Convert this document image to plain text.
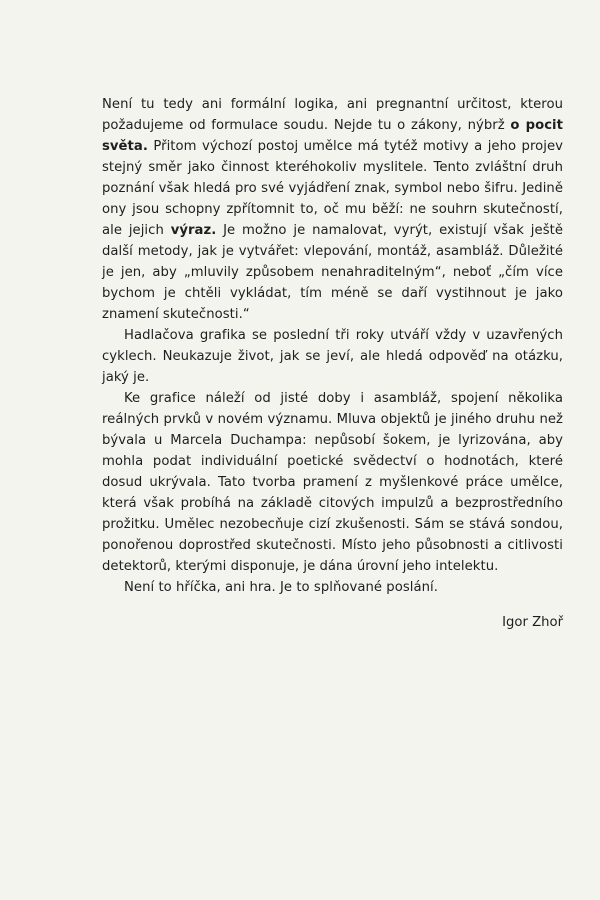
Není tu tedy ani formální logika, ani pregnantní určitost, kterou požadujeme od formulace soudu. Nejde tu o zákony, nýbrž o pocit světa. Přitom výchozí postoj umělce má tytéž motivy a jeho projev stejný směr jako činnost kteréhokoliv myslitele. Tento zvláštní druh poznání však hledá pro své vyjádření znak, symbol nebo šifru. Jedině ony jsou schopny zpřítomnit to, oč mu běží: ne souhrn skutečností, ale jejich výraz. Je možno je namalovat, vyrýt, existují však ještě další metody, jak je vytvářet: vlepování, montáž, asambláž. Důležité je jen, aby „mluvily způsobem nenahraditelným“, neboť „čím více bychom je chtěli vykládat, tím méně se daří vystihnout je jako znamení skutečnosti.“

Hadlačova grafika se poslední tři roky utváří vždy v uzavřených cyklech. Neukazuje život, jak se jeví, ale hledá odpověď na otázku, jaký je.

Ke grafice náleží od jisté doby i asambláž, spojení několika reálných prvků v novém významu. Mluva objektů je jiného druhu než bývala u Marcela Duchampa: nepůsobí šokem, je lyrizována, aby mohla podat individuální poetické svědectví o hodnotách, které dosud ukrývala. Tato tvorba pramení z myšlenkové práce umělce, která však probíhá na základě citových impulzů a bezprostředního prožitku. Umělec nezobecňuje cizí zkušenosti. Sám se stává sondou, ponořenou doprostřed skutečnosti. Místo jeho působnosti a citlivosti detektorů, kterými disponuje, je dána úrovní jeho intelektu.

Není to hříčka, ani hra. Je to splňované poslání.

Igor Zhoř
